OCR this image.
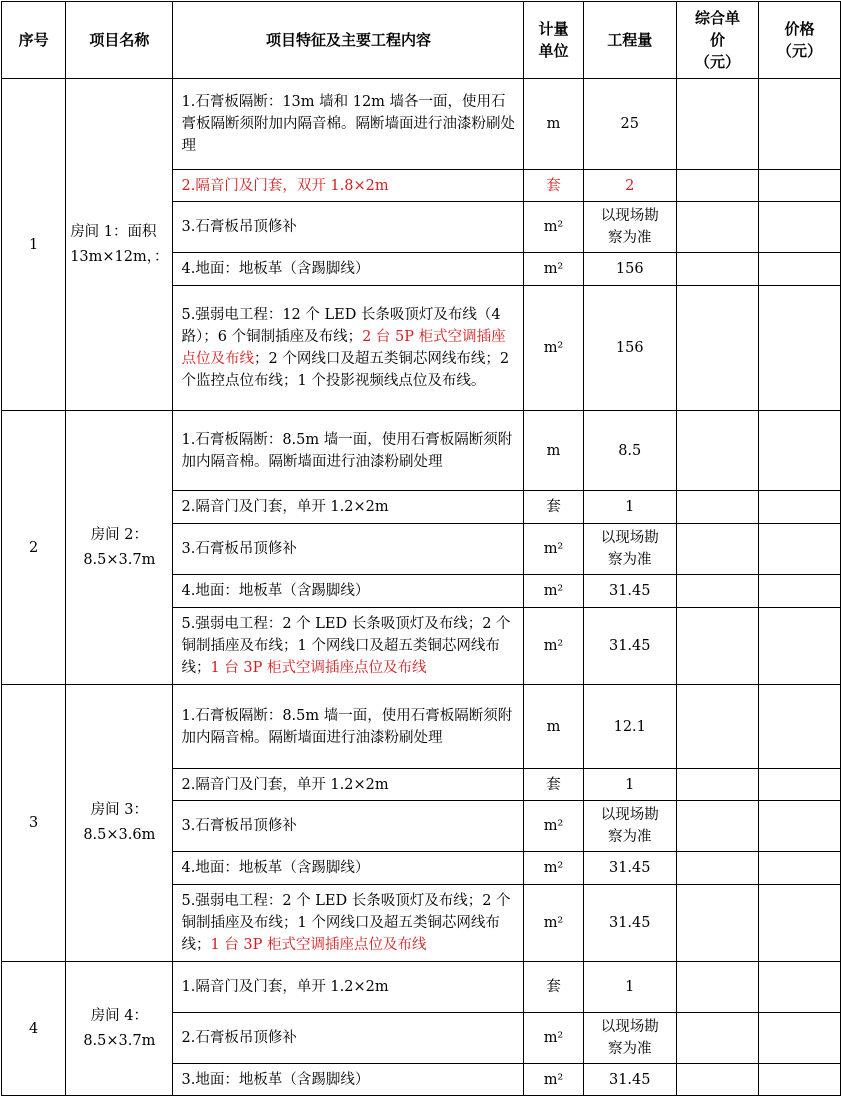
序号	项目名称	项目特征及主要工程内容	计量单位	工程量	综合单价（元）	价格（元）
1	房间 1：面积 13m×12m，：	1.石膏板隔断：13m 墙和 12m 墙各一面，使用石膏板隔断须附加内隔音棉。隔断墙面进行油漆粉刷处理	m	25		
		2.隔音门及门套，双开 1.8×2m	套	2		
		3.石膏板吊顶修补	m²	以现场勘察为准		
		4.地面：地板革（含踢脚线）	m²	156		
		5.强弱电工程：12 个 LED 长条吸顶灯及布线（4 路）；6 个铜制插座及布线；2 台 5P 柜式空调插座点位及布线；2 个网线口及超五类铜芯网线布线；2 个监控点位布线；1 个投影视频线点位及布线。	m²	156		
2	房间 2：8.5×3.7m	1.石膏板隔断：8.5m 墙一面，使用石膏板隔断须附加内隔音棉。隔断墙面进行油漆粉刷处理	m	8.5		
		2.隔音门及门套，单开 1.2×2m	套	1		
		3.石膏板吊顶修补	m²	以现场勘察为准		
		4.地面：地板革（含踢脚线）	m²	31.45		
		5.强弱电工程：2 个 LED 长条吸顶灯及布线；2 个铜制插座及布线；1 个网线口及超五类铜芯网线布线；1 台 3P 柜式空调插座点位及布线	m²	31.45		
3	房间 3：8.5×3.6m	1.石膏板隔断：8.5m 墙一面，使用石膏板隔断须附加内隔音棉。隔断墙面进行油漆粉刷处理	m	12.1		
		2.隔音门及门套，单开 1.2×2m	套	1		
		3.石膏板吊顶修补	m²	以现场勘察为准		
		4.地面：地板革（含踢脚线）	m²	31.45		
		5.强弱电工程：2 个 LED 长条吸顶灯及布线；2 个铜制插座及布线；1 个网线口及超五类铜芯网线布线；1 台 3P 柜式空调插座点位及布线	m²	31.45		
4	房间 4：8.5×3.7m	1.隔音门及门套，单开 1.2×2m	套	1		
		2.石膏板吊顶修补	m²	以现场勘察为准		
		3.地面：地板革（含踢脚线）	m²	31.45		
